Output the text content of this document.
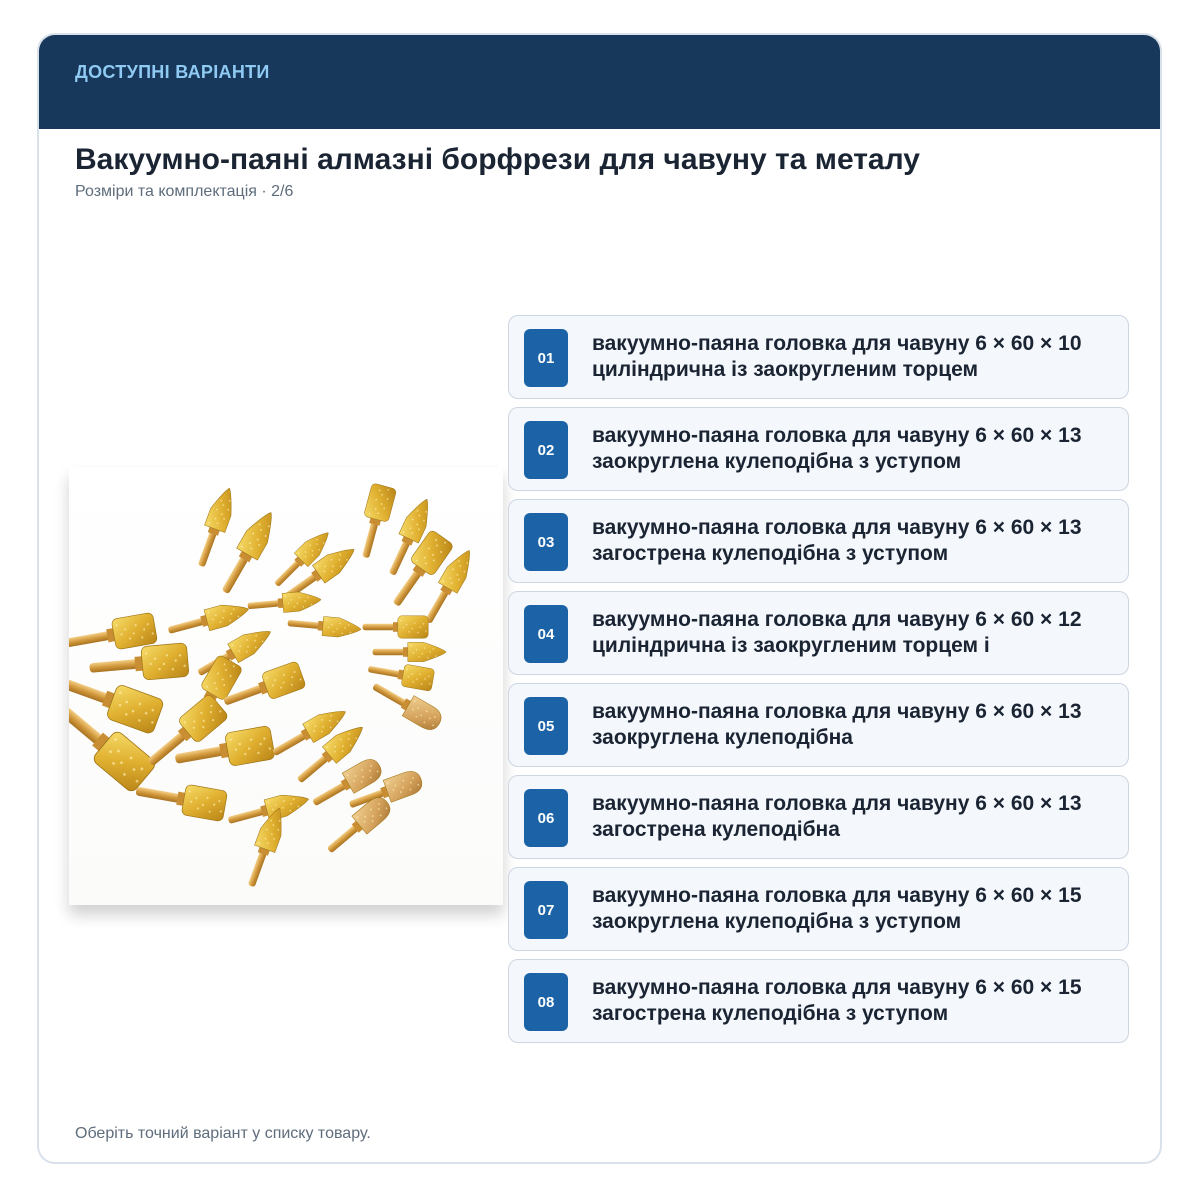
ДОСТУПНІ ВАРІАНТИ
Вакуумно-паяні алмазні борфрези для чавуну та металу
Розміри та комплектація · 2/6
01
вакуумно-паяна головка для чавуну 6 × 60 × 10 циліндрична із заокругленим торцем
02
вакуумно-паяна головка для чавуну 6 × 60 × 13 заокруглена кулеподібна з уступом
03
вакуумно-паяна головка для чавуну 6 × 60 × 13 загострена кулеподібна з уступом
04
вакуумно-паяна головка для чавуну 6 × 60 × 12 циліндрична із заокругленим торцем і
05
вакуумно-паяна головка для чавуну 6 × 60 × 13 заокруглена кулеподібна
06
вакуумно-паяна головка для чавуну 6 × 60 × 13 загострена кулеподібна
07
вакуумно-паяна головка для чавуну 6 × 60 × 15 заокруглена кулеподібна з уступом
08
вакуумно-паяна головка для чавуну 6 × 60 × 15 загострена кулеподібна з уступом
Оберіть точний варіант у списку товару.
